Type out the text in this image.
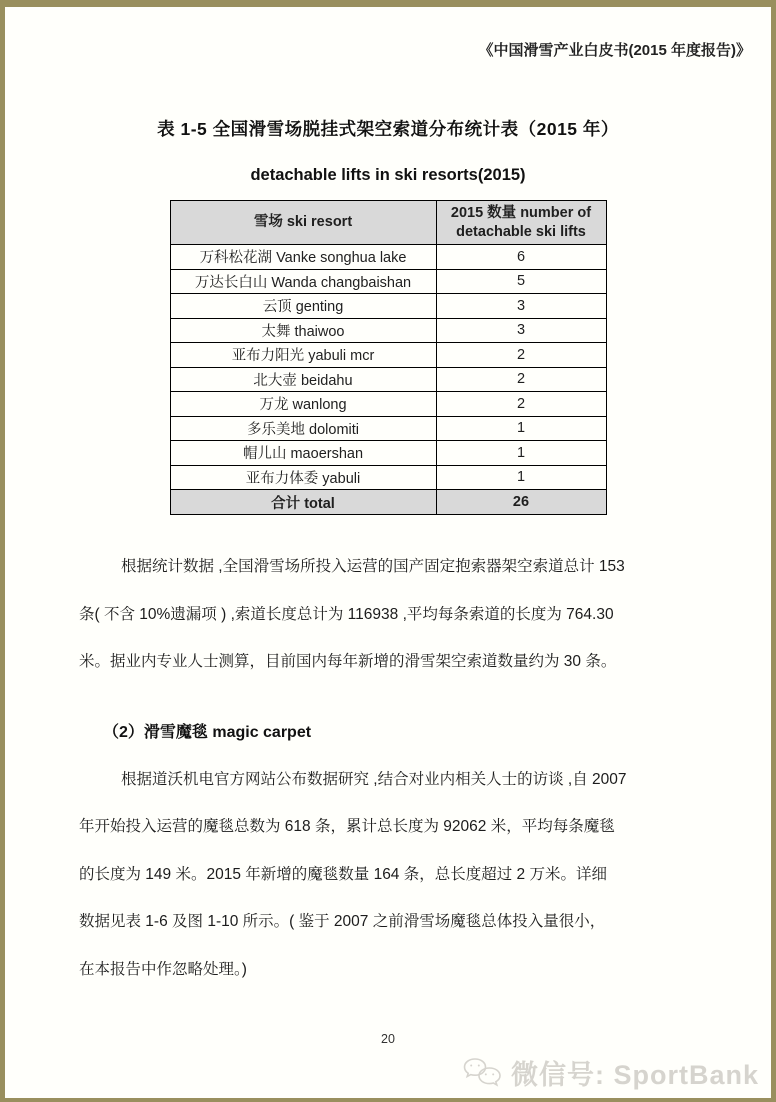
《中国滑雪产业白皮书(2015 年度报告)》
表 1-5 全国滑雪场脱挂式架空索道分布统计表（2015 年）
detachable lifts in ski resorts(2015)
雪场 ski resort	2015 数量 number of
detachable ski lifts

万科松花湖 Vanke songhua lake	6
万达长白山 Wanda changbaishan	5
云顶 genting	3
太舞 thaiwoo	3
亚布力阳光 yabuli mcr	2
北大壶 beidahu	2
万龙 wanlong	2
多乐美地 dolomiti	1
帽儿山 maoershan	1
亚布力体委 yabuli	1
合计 total	26
根据统计数据 ,全国滑雪场所投入运营的国产固定抱索器架空索道总计 153
条( 不含 10%遗漏项 ) ,索道长度总计为 116938 ,平均每条索道的长度为 764.30
米。据业内专业人士测算，目前国内每年新增的滑雪架空索道数量约为 30 条。
（2）滑雪魔毯 magic carpet
根据道沃机电官方网站公布数据研究 ,结合对业内相关人士的访谈 ,自 2007
年开始投入运营的魔毯总数为 618 条，累计总长度为 92062 米，平均每条魔毯
的长度为 149 米。2015 年新增的魔毯数量 164 条，总长度超过 2 万米。详细
数据见表 1-6 及图 1-10 所示。( 鉴于 2007 之前滑雪场魔毯总体投入量很小，
在本报告中作忽略处理。)
20
微信号: SportBank
